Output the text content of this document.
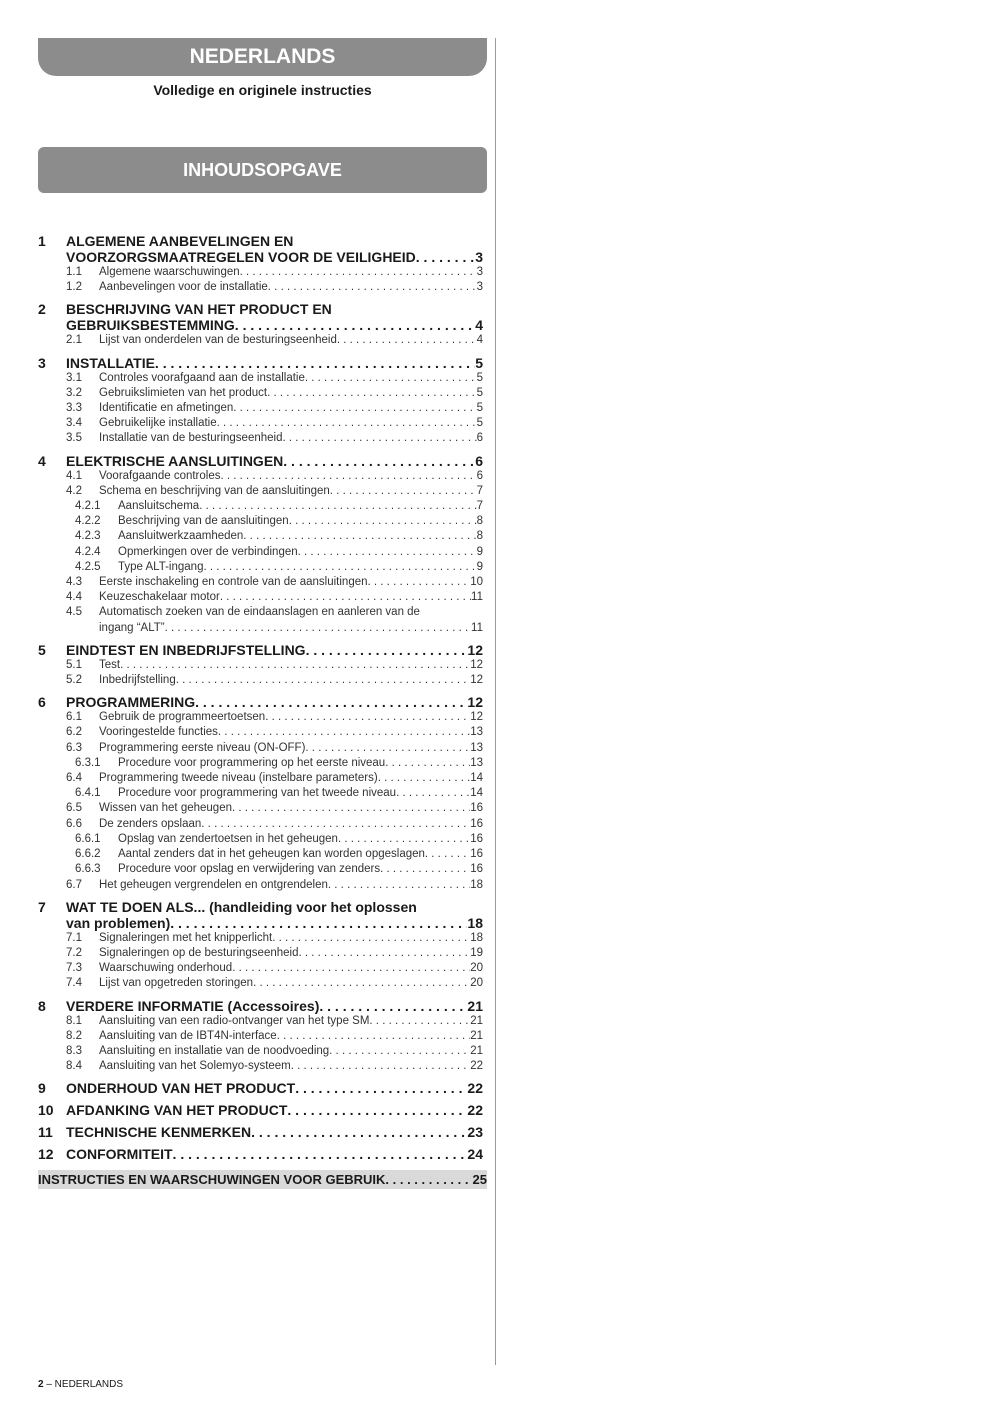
NEDERLANDS
Volledige en originele instructies
INHOUDSOPGAVE
1	ALGEMENE AANBEVELINGEN EN
VOORZORGSMAATREGELEN VOOR DE VEILIGHEID . . .	3
1.1	Algemene waarschuwingen . . .	3
1.2	Aanbevelingen voor de installatie . . .	3
2	BESCHRIJVING VAN HET PRODUCT EN
GEBRUIKSBESTEMMING . . .	4
2.1	Lijst van onderdelen van de besturingseenheid . . .	4
3	INSTALLATIE . . .	5
3.1	Controles voorafgaand aan de installatie . . .	5
3.2	Gebruikslimieten van het product . . .	5
3.3	Identificatie en afmetingen . . .	5
3.4	Gebruikelijke installatie . . .	5
3.5	Installatie van de besturingseenheid . . .	6
4	ELEKTRISCHE AANSLUITINGEN . . .	6
4.1	Voorafgaande controles . . .	6
4.2	Schema en beschrijving van de aansluitingen . . .	7
4.2.1	Aansluitschema . . .	7
4.2.2	Beschrijving van de aansluitingen . . .	8
4.2.3	Aansluitwerkzaamheden . . .	8
4.2.4	Opmerkingen over de verbindingen . . .	9
4.2.5	Type ALT-ingang . . .	9
4.3	Eerste inschakeling en controle van de aansluitingen . . .	10
4.4	Keuzeschakelaar motor . . .	11
4.5	Automatisch zoeken van de eindaanslagen en aanleren van de
ingang “ALT” . . .	11
5	EINDTEST EN INBEDRIJFSTELLING . . .	12
5.1	Test . . .	12
5.2	Inbedrijfstelling . . .	12
6	PROGRAMMERING . . .	12
6.1	Gebruik de programmeertoetsen . . .	12
6.2	Vooringestelde functies . . .	13
6.3	Programmering eerste niveau (ON-OFF) . . .	13
6.3.1	Procedure voor programmering op het eerste niveau . . .	13
6.4	Programmering tweede niveau (instelbare parameters) . . .	14
6.4.1	Procedure voor programmering van het tweede niveau . . .	14
6.5	Wissen van het geheugen . . .	16
6.6	De zenders opslaan . . .	16
6.6.1	Opslag van zendertoetsen in het geheugen . . .	16
6.6.2	Aantal zenders dat in het geheugen kan worden opgeslagen . . .	16
6.6.3	Procedure voor opslag en verwijdering van zenders . . .	16
6.7	Het geheugen vergrendelen en ontgrendelen . . .	18
7	WAT TE DOEN ALS... (handleiding voor het oplossen
van problemen) . . .	18
7.1	Signaleringen met het knipperlicht . . .	18
7.2	Signaleringen op de besturingseenheid . . .	19
7.3	Waarschuwing onderhoud . . .	20
7.4	Lijst van opgetreden storingen . . .	20
8	VERDERE INFORMATIE (Accessoires) . . .	21
8.1	Aansluiting van een radio-ontvanger van het type SM . . .	21
8.2	Aansluiting van de IBT4N-interface . . .	21
8.3	Aansluiting en installatie van de noodvoeding . . .	21
8.4	Aansluiting van het Solemyo-systeem . . .	22
9	ONDERHOUD VAN HET PRODUCT . . .	22
10 AFDANKING VAN HET PRODUCT . . .	22
11 TECHNISCHE KENMERKEN . . .	23
12 CONFORMITEIT . . .	24
INSTRUCTIES EN WAARSCHUWINGEN VOOR GEBRUIK . . .	25
2 – NEDERLANDS
